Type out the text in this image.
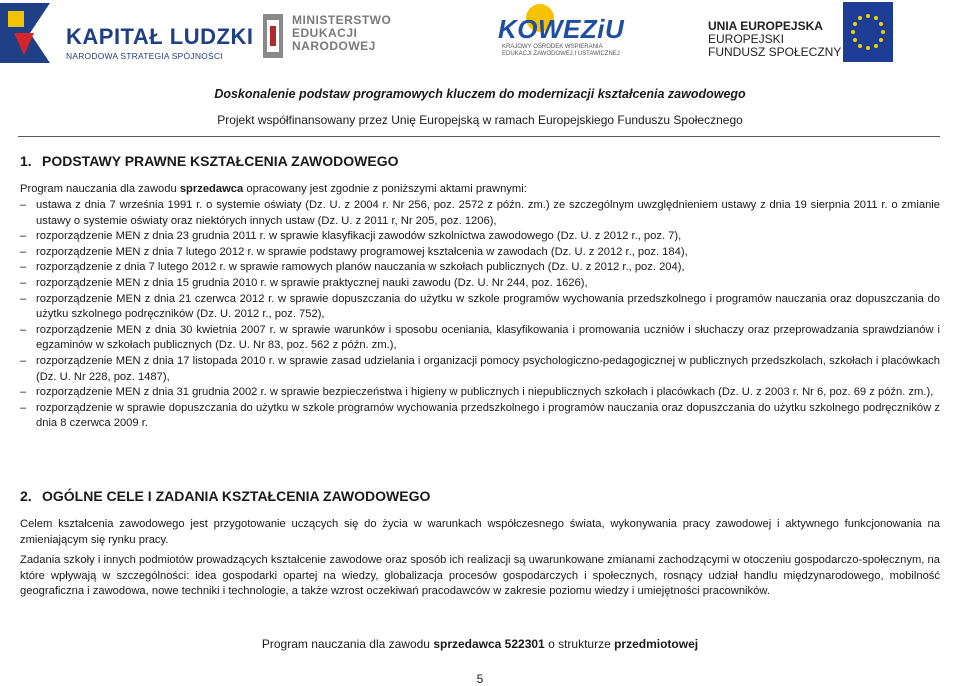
KAPITAŁ LUDZKI
NARODOWA STRATEGIA SPÓJNOŚCI
MINISTERSTWO
EDUKACJI
NARODOWEJ
KOWEZiU
KRAJOWY OŚRODEK WSPIERANIA EDUKACJI ZAWODOWEJ I USTAWICZNEJ
UNIA EUROPEJSKA
EUROPEJSKI
FUNDUSZ SPOŁECZNY
Doskonalenie podstaw programowych kluczem do modernizacji kształcenia zawodowego
Projekt współfinansowany przez Unię Europejską w ramach Europejskiego Funduszu Społecznego
1. PODSTAWY PRAWNE KSZTAŁCENIA ZAWODOWEGO
Program nauczania dla zawodu sprzedawca opracowany jest zgodnie z poniższymi aktami prawnymi:
– ustawa z dnia 7 września 1991 r. o systemie oświaty (Dz. U. z 2004 r. Nr 256, poz. 2572 z późn. zm.) ze szczególnym uwzględnieniem ustawy z dnia 19 sierpnia 2011 r. o zmianie ustawy o systemie oświaty oraz niektórych innych ustaw (Dz. U. z 2011 r, Nr 205, poz. 1206),
– rozporządzenie MEN z dnia 23 grudnia 2011 r. w sprawie klasyfikacji zawodów szkolnictwa zawodowego (Dz. U. z 2012 r., poz. 7),
– rozporządzenie MEN z dnia 7 lutego 2012 r. w sprawie podstawy programowej kształcenia w zawodach (Dz. U. z 2012 r., poz. 184),
– rozporządzenie z dnia 7 lutego 2012 r. w sprawie ramowych planów nauczania w szkołach publicznych (Dz. U. z 2012 r., poz. 204),
– rozporządzenie MEN z dnia 15 grudnia 2010 r. w sprawie praktycznej nauki zawodu (Dz. U. Nr 244, poz. 1626),
– rozporządzenie MEN z dnia 21 czerwca 2012 r. w sprawie dopuszczania do użytku w szkole programów wychowania przedszkolnego i programów nauczania oraz dopuszczania do użytku szkolnego podręczników (Dz. U. 2012 r., poz. 752),
– rozporządzenie MEN z dnia 30 kwietnia 2007 r. w sprawie warunków i sposobu oceniania, klasyfikowania i promowania uczniów i słuchaczy oraz przeprowadzania sprawdzianów i egzaminów w szkołach publicznych (Dz. U. Nr 83, poz. 562 z późn. zm.),
– rozporządzenie MEN z dnia 17 listopada 2010 r. w sprawie zasad udzielania i organizacji pomocy psychologiczno-pedagogicznej w publicznych przedszkolach, szkołach i placówkach (Dz. U. Nr 228, poz. 1487),
– rozporządzenie MEN z dnia 31 grudnia 2002 r. w sprawie bezpieczeństwa i higieny w publicznych i niepublicznych szkołach i placówkach (Dz. U. z 2003 r. Nr 6, poz. 69 z późn. zm.),
– rozporządzenie w sprawie dopuszczania do użytku w szkole programów wychowania przedszkolnego i programów nauczania oraz dopuszczania do użytku szkolnego podręczników z dnia 8 czerwca 2009 r.
2. OGÓLNE CELE I ZADANIA KSZTAŁCENIA ZAWODOWEGO
Celem kształcenia zawodowego jest przygotowanie uczących się do życia w warunkach współczesnego świata, wykonywania pracy zawodowej i aktywnego funkcjonowania na zmieniającym się rynku pracy.
Zadania szkoły i innych podmiotów prowadzących kształcenie zawodowe oraz sposób ich realizacji są uwarunkowane zmianami zachodzącymi w otoczeniu gospodarczo-społecznym, na które wpływają w szczególności: idea gospodarki opartej na wiedzy, globalizacja procesów gospodarczych i społecznych, rosnący udział handlu międzynarodowego, mobilność geograficzna i zawodowa, nowe techniki i technologie, a także wzrost oczekiwań pracodawców w zakresie poziomu wiedzy i umiejętności pracowników.
Program nauczania dla zawodu sprzedawca 522301 o strukturze przedmiotowej
5
